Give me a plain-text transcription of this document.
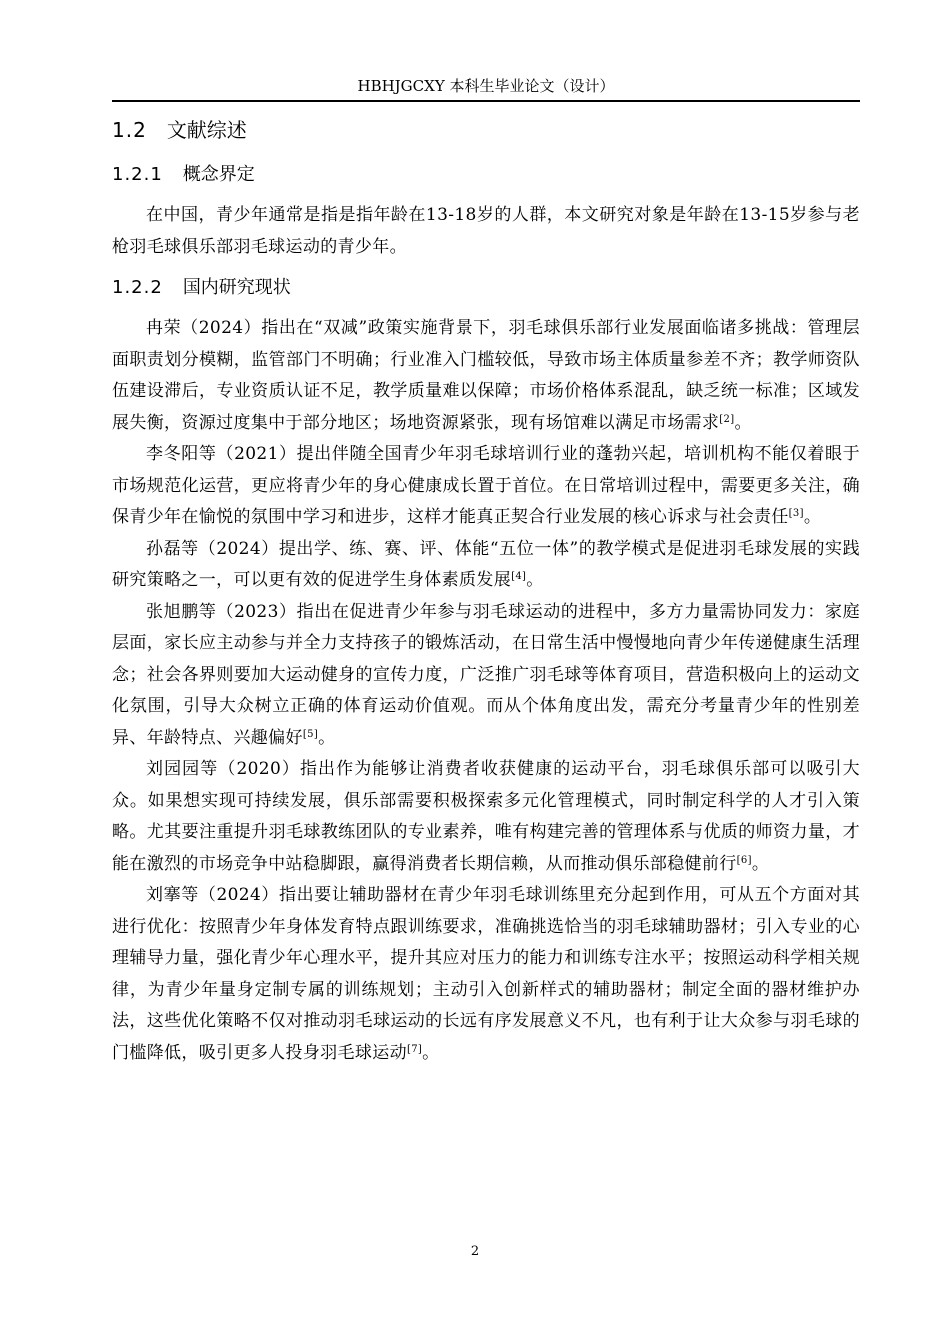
HBHJGCXY 本科生毕业论文（设计）
1.2 文献综述
1.2.1 概念界定

在中国，青少年通常是指是指年龄在13-18岁的人群，本文研究对象是年龄在13-15岁参与老枪羽毛球俱乐部羽毛球运动的青少年。

1.2.2 国内研究现状

冉荣（2024）指出在“双减”政策实施背景下，羽毛球俱乐部行业发展面临诸多挑战：管理层面职责划分模糊，监管部门不明确；行业准入门槛较低，导致市场主体质量参差不齐；教学师资队伍建设滞后，专业资质认证不足，教学质量难以保障；市场价格体系混乱，缺乏统一标准；区域发展失衡，资源过度集中于部分地区；场地资源紧张，现有场馆难以满足市场需求[2]。

李冬阳等（2021）提出伴随全国青少年羽毛球培训行业的蓬勃兴起，培训机构不能仅着眼于市场规范化运营，更应将青少年的身心健康成长置于首位。在日常培训过程中，需要更多关注，确保青少年在愉悦的氛围中学习和进步，这样才能真正契合行业发展的核心诉求与社会责任[3]。

孙磊等（2024）提出学、练、赛、评、体能“五位一体”的教学模式是促进羽毛球发展的实践研究策略之一，可以更有效的促进学生身体素质发展[4]。

张旭鹏等（2023）指出在促进青少年参与羽毛球运动的进程中，多方力量需协同发力：家庭层面，家长应主动参与并全力支持孩子的锻炼活动，在日常生活中慢慢地向青少年传递健康生活理念；社会各界则要加大运动健身的宣传力度，广泛推广羽毛球等体育项目，营造积极向上的运动文化氛围，引导大众树立正确的体育运动价值观。而从个体角度出发，需充分考量青少年的性别差异、年龄特点、兴趣偏好[5]。

刘园园等（2020）指出作为能够让消费者收获健康的运动平台，羽毛球俱乐部可以吸引大众。如果想实现可持续发展，俱乐部需要积极探索多元化管理模式，同时制定科学的人才引入策略。尤其要注重提升羽毛球教练团队的专业素养，唯有构建完善的管理体系与优质的师资力量，才能在激烈的市场竞争中站稳脚跟，赢得消费者长期信赖，从而推动俱乐部稳健前行[6]。

刘搴等（2024）指出要让辅助器材在青少年羽毛球训练里充分起到作用，可从五个方面对其进行优化：按照青少年身体发育特点跟训练要求，准确挑选恰当的羽毛球辅助器材；引入专业的心理辅导力量，强化青少年心理水平，提升其应对压力的能力和训练专注水平；按照运动科学相关规律，为青少年量身定制专属的训练规划；主动引入创新样式的辅助器材；制定全面的器材维护办法，这些优化策略不仅对推动羽毛球运动的长远有序发展意义不凡，也有利于让大众参与羽毛球的门槛降低，吸引更多人投身羽毛球运动[7]。

2
